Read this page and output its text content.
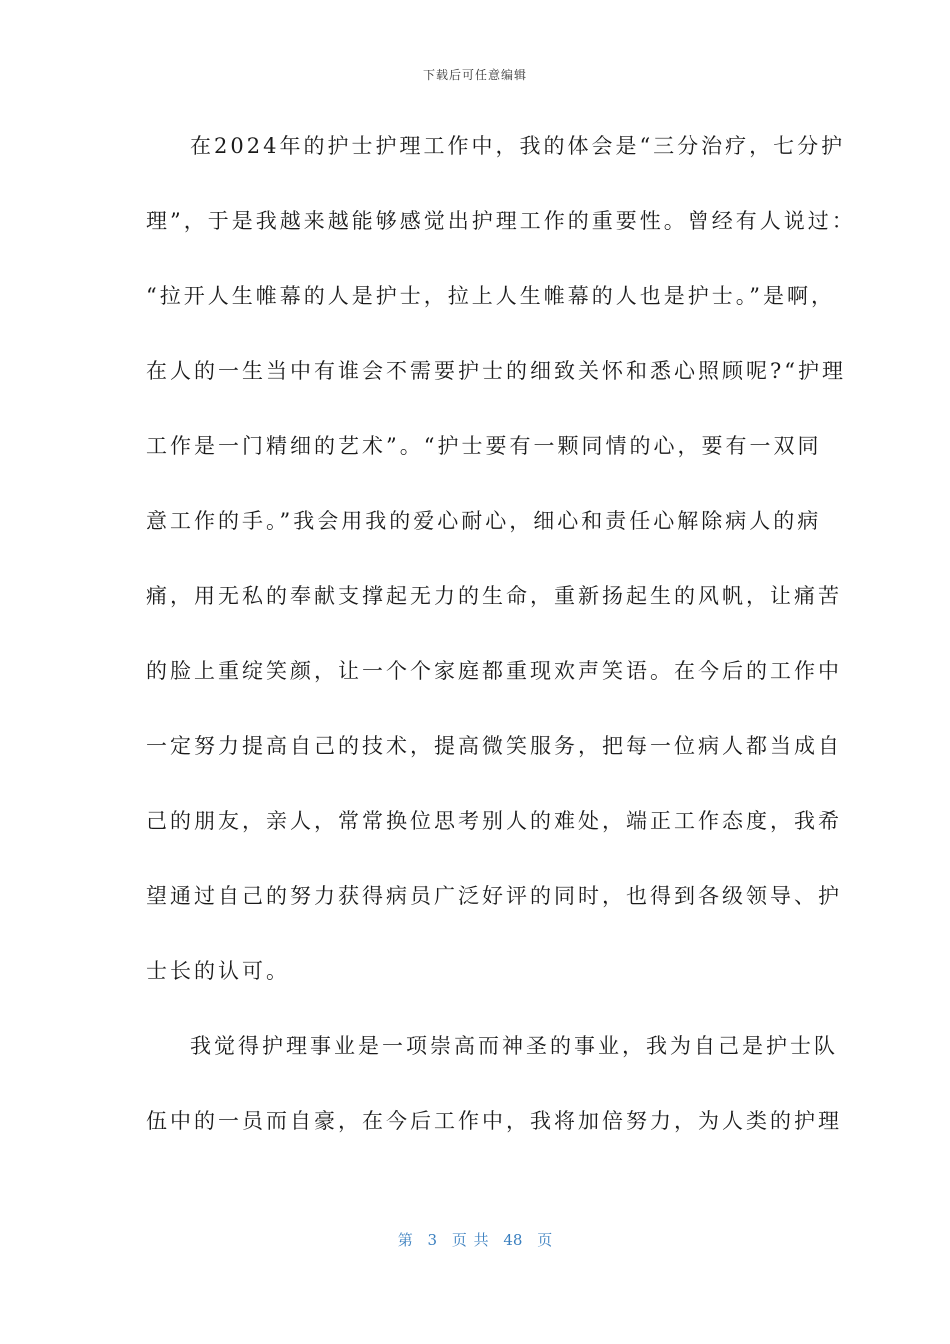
下载后可任意编辑
在2024年的护士护理工作中，我的体会是“三分治疗，七分护
理”，于是我越来越能够感觉出护理工作的重要性。曾经有人说过：
“拉开人生帷幕的人是护士，拉上人生帷幕的人也是护士。”是啊，
在人的一生当中有谁会不需要护士的细致关怀和悉心照顾呢?“护理
工作是一门精细的艺术”。“护士要有一颗同情的心，要有一双同
意工作的手。”我会用我的爱心耐心，细心和责任心解除病人的病
痛，用无私的奉献支撑起无力的生命，重新扬起生的风帆，让痛苦
的脸上重绽笑颜，让一个个家庭都重现欢声笑语。在今后的工作中
一定努力提高自己的技术，提高微笑服务，把每一位病人都当成自
己的朋友，亲人，常常换位思考别人的难处，端正工作态度，我希
望通过自己的努力获得病员广泛好评的同时，也得到各级领导、护
士长的认可。
我觉得护理事业是一项崇高而神圣的事业，我为自己是护士队
伍中的一员而自豪，在今后工作中，我将加倍努力，为人类的护理
第 3 页 共 48 页
